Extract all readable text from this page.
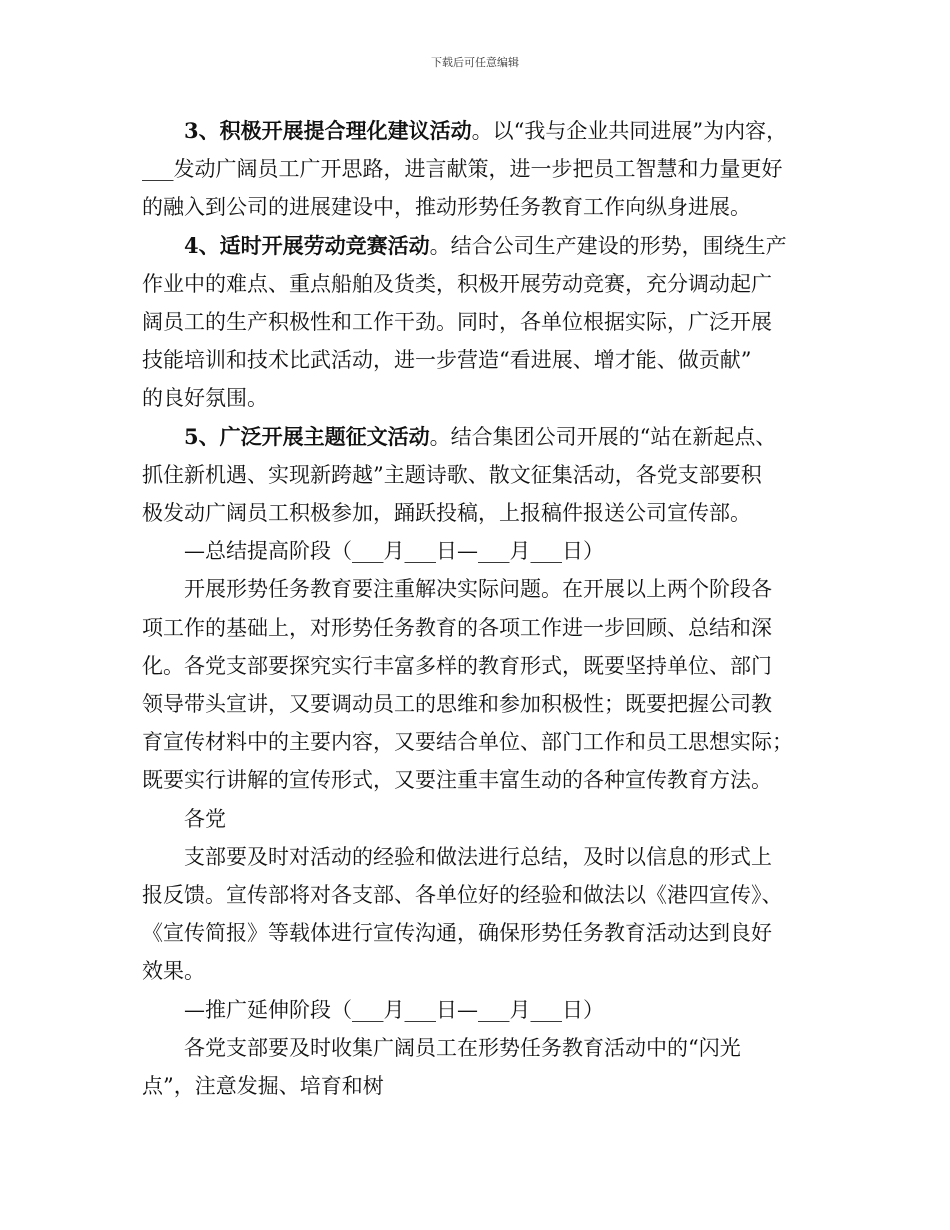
下载后可任意编辑
3、积极开展提合理化建议活动。以“我与企业共同进展”为内容，
___发动广阔员工广开思路，进言献策，进一步把员工智慧和力量更好
的融入到公司的进展建设中，推动形势任务教育工作向纵身进展。
4、适时开展劳动竞赛活动。结合公司生产建设的形势，围绕生产
作业中的难点、重点船舶及货类，积极开展劳动竞赛，充分调动起广
阔员工的生产积极性和工作干劲。同时，各单位根据实际，广泛开展
技能培训和技术比武活动，进一步营造“看进展、增才能、做贡献”
的良好氛围。
5、广泛开展主题征文活动。结合集团公司开展的“站在新起点、
抓住新机遇、实现新跨越”主题诗歌、散文征集活动，各党支部要积
极发动广阔员工积极参加，踊跃投稿，上报稿件报送公司宣传部。
—总结提高阶段（___月___日—___月___日）
开展形势任务教育要注重解决实际问题。在开展以上两个阶段各
项工作的基础上，对形势任务教育的各项工作进一步回顾、总结和深
化。各党支部要探究实行丰富多样的教育形式，既要坚持单位、部门
领导带头宣讲，又要调动员工的思维和参加积极性；既要把握公司教
育宣传材料中的主要内容，又要结合单位、部门工作和员工思想实际；
既要实行讲解的宣传形式，又要注重丰富生动的各种宣传教育方法。
各党
支部要及时对活动的经验和做法进行总结，及时以信息的形式上
报反馈。宣传部将对各支部、各单位好的经验和做法以《港四宣传》、
《宣传简报》等载体进行宣传沟通，确保形势任务教育活动达到良好
效果。
—推广延伸阶段（___月___日—___月___日）
各党支部要及时收集广阔员工在形势任务教育活动中的“闪光
点”，注意发掘、培育和树
